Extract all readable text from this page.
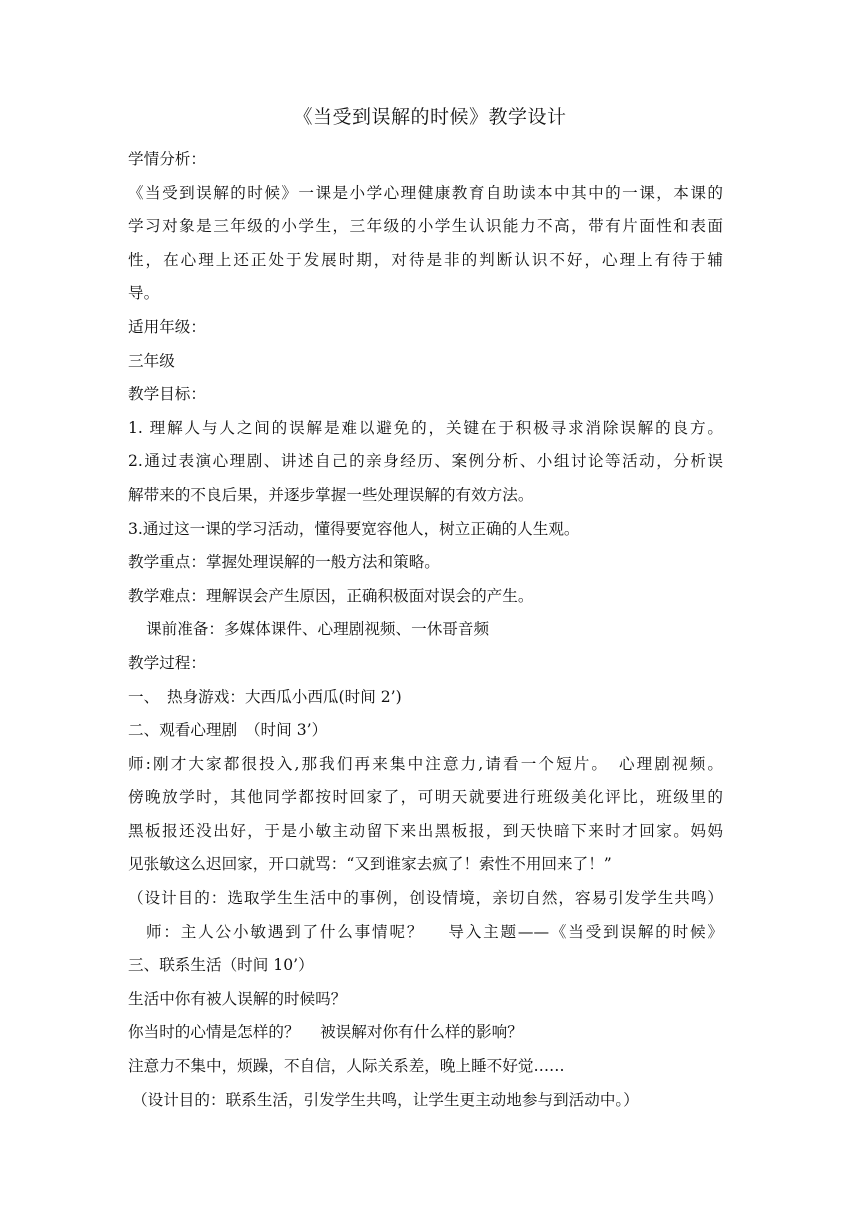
《当受到误解的时候》教学设计
学情分析：
《当受到误解的时候》一课是小学心理健康教育自助读本中其中的一课，本课的
学习对象是三年级的小学生，三年级的小学生认识能力不高，带有片面性和表面
性，在心理上还正处于发展时期，对待是非的判断认识不好，心理上有待于辅
导。
适用年级：
三年级
教学目标：
1. 理解人与人之间的误解是难以避免的，关键在于积极寻求消除误解的良方。
2.通过表演心理剧、讲述自己的亲身经历、案例分析、小组讨论等活动，分析误
解带来的不良后果，并逐步掌握一些处理误解的有效方法。
3.通过这一课的学习活动，懂得要宽容他人，树立正确的人生观。
教学重点：掌握处理误解的一般方法和策略。
教学难点：理解误会产生原因，正确积极面对误会的产生。
课前准备：多媒体课件、心理剧视频、一休哥音频
教学过程：
一、　热身游戏：大西瓜小西瓜(时间 2’)
二、观看心理剧　（时间 3’）
师:刚才大家都很投入,那我们再来集中注意力,请看一个短片。　心理剧视频。
傍晚放学时，其他同学都按时回家了，可明天就要进行班级美化评比，班级里的
黑板报还没出好，于是小敏主动留下来出黑板报，到天快暗下来时才回家。妈妈
见张敏这么迟回家，开口就骂：“又到谁家去疯了！索性不用回来了！”
（设计目的：选取学生生活中的事例，创设情境，亲切自然，容易引发学生共鸣）
师：主人公小敏遇到了什么事情呢？　 导入主题——《当受到误解的时候》
三、联系生活（时间 10’）
生活中你有被人误解的时候吗？
你当时的心情是怎样的？　 被误解对你有什么样的影响？
注意力不集中，烦躁，不自信，人际关系差，晚上睡不好觉……
（设计目的：联系生活，引发学生共鸣，让学生更主动地参与到活动中。）
